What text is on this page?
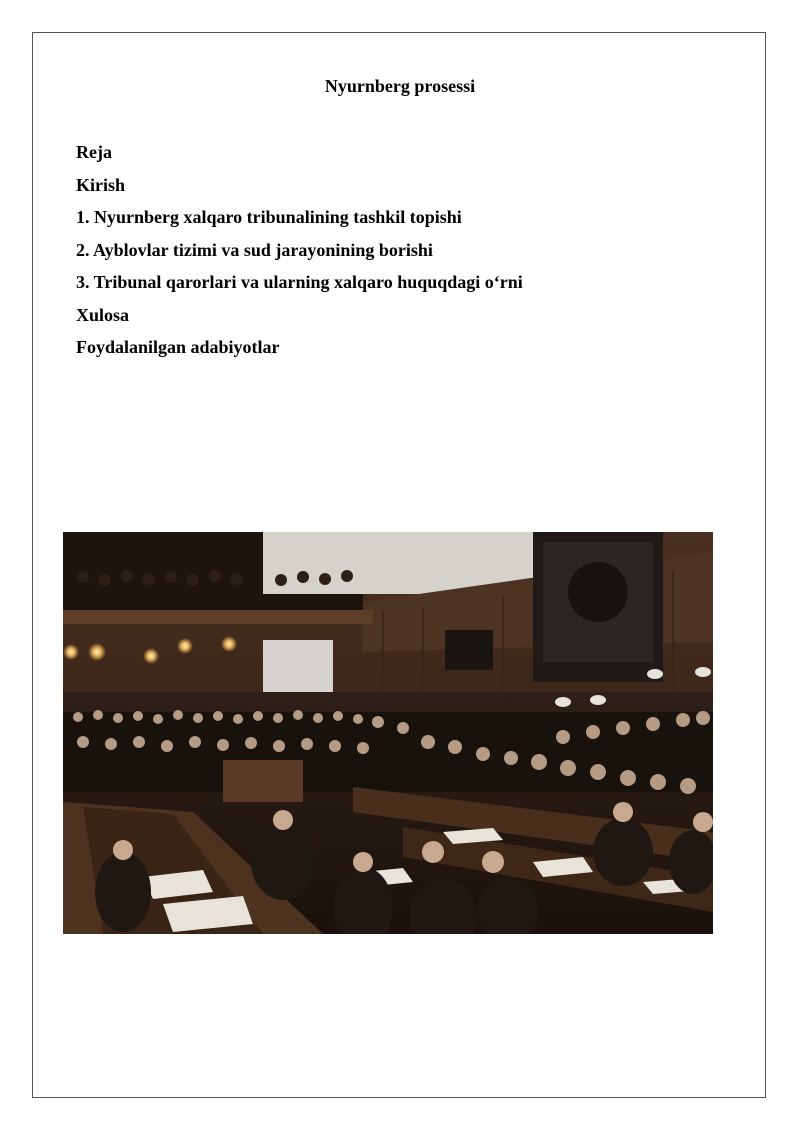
Nyurnberg prosessi
Reja
Kirish
1. Nyurnberg xalqaro tribunalining tashkil topishi
2. Ayblovlar tizimi va sud jarayonining borishi
3. Tribunal qarorlari va ularning xalqaro huquqdagi o‘rni
Xulosa
Foydalanilgan adabiyotlar
